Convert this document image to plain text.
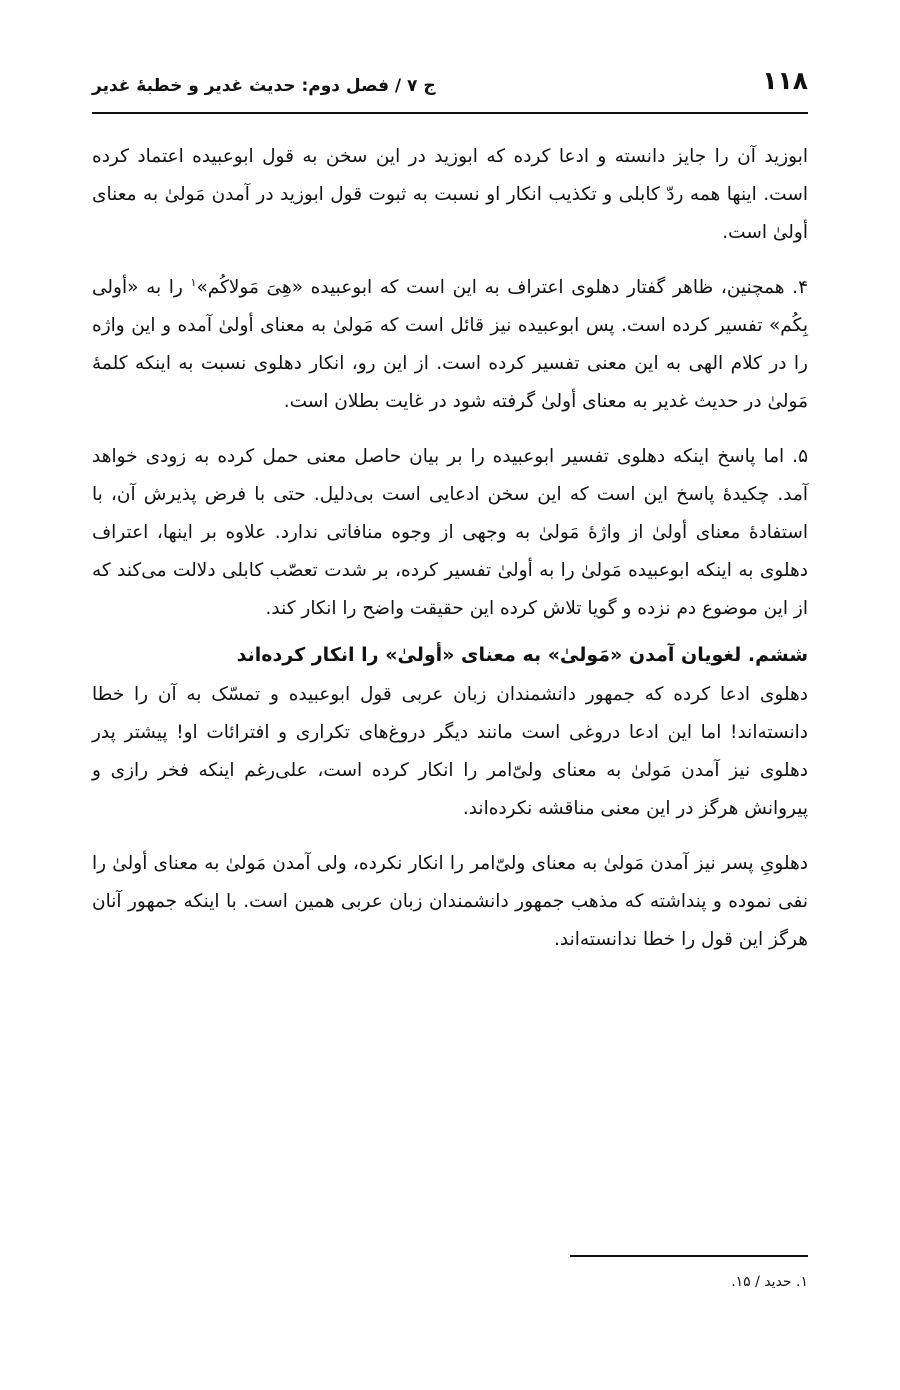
۱۱۸
ج ۷ / فصل دوم: حدیث غدیر و خطبهٔ غدیر

ابوزید آن را جایز دانسته و ادعا کرده که ابوزید در این سخن به قول ابوعبیده اعتماد کرده است. اینها همه ردّ کابلی و تکذیب انکار او نسبت به ثبوت قول ابوزید در آمدن مَولیٰ به معنای أولیٰ است.

۴. همچنین، ظاهر گفتار دهلوی اعتراف به این است که ابوعبیده «هِیَ مَولاکُم»$^۱$ را به «أولی بِکُم» تفسیر کرده است. پس ابوعبیده نیز قائل است که مَولیٰ به معنای أولیٰ آمده و این واژه را در کلام الهی به این معنی تفسیر کرده است. از این رو، انکار دهلوی نسبت به اینکه کلمهٔ مَولیٰ در حدیث غدیر به معنای أولیٰ گرفته شود در غایت بطلان است.

۵. اما پاسخ اینکه دهلوی تفسیر ابوعبیده را بر بیان حاصل معنی حمل کرده به زودی خواهد آمد. چکیدهٔ پاسخ این است که این سخن ادعایی است بی‌دلیل. حتی با فرض پذیرش آن، با استفادهٔ معنای أولیٰ از واژهٔ مَولیٰ به وجهی از وجوه منافاتی ندارد. علاوه بر اینها، اعتراف دهلوی به اینکه ابوعبیده مَولیٰ را به أولیٰ تفسیر کرده، بر شدت تعصّب کابلی دلالت می‌کند که از این موضوع دم نزده و گویا تلاش کرده این حقیقت واضح را انکار کند.

ششم. لغویان آمدن «مَولیٰ» به معنای «أولیٰ» را انکار کرده‌اند

دهلوی ادعا کرده که جمهور دانشمندان زبان عربی قول ابوعبیده و تمسّک به آن را خطا دانسته‌اند! اما این ادعا دروغی است مانند دیگر دروغ‌های تکراری و افترائات او! پیشتر پدر دهلوی نیز آمدن مَولیٰ به معنای ولیّ‌امر را انکار کرده است، علی‌رغم اینکه فخر رازی و پیروانش هرگز در این معنی مناقشه نکرده‌اند.

دهلویِ پسر نیز آمدن مَولیٰ به معنای ولیّ‌امر را انکار نکرده، ولی آمدن مَولیٰ به معنای أولیٰ را نفی نموده و پنداشته که مذهب جمهور دانشمندان زبان عربی همین است. با اینکه جمهور آنان هرگز این قول را خطا ندانسته‌اند.

۱. حدید / ۱۵.
